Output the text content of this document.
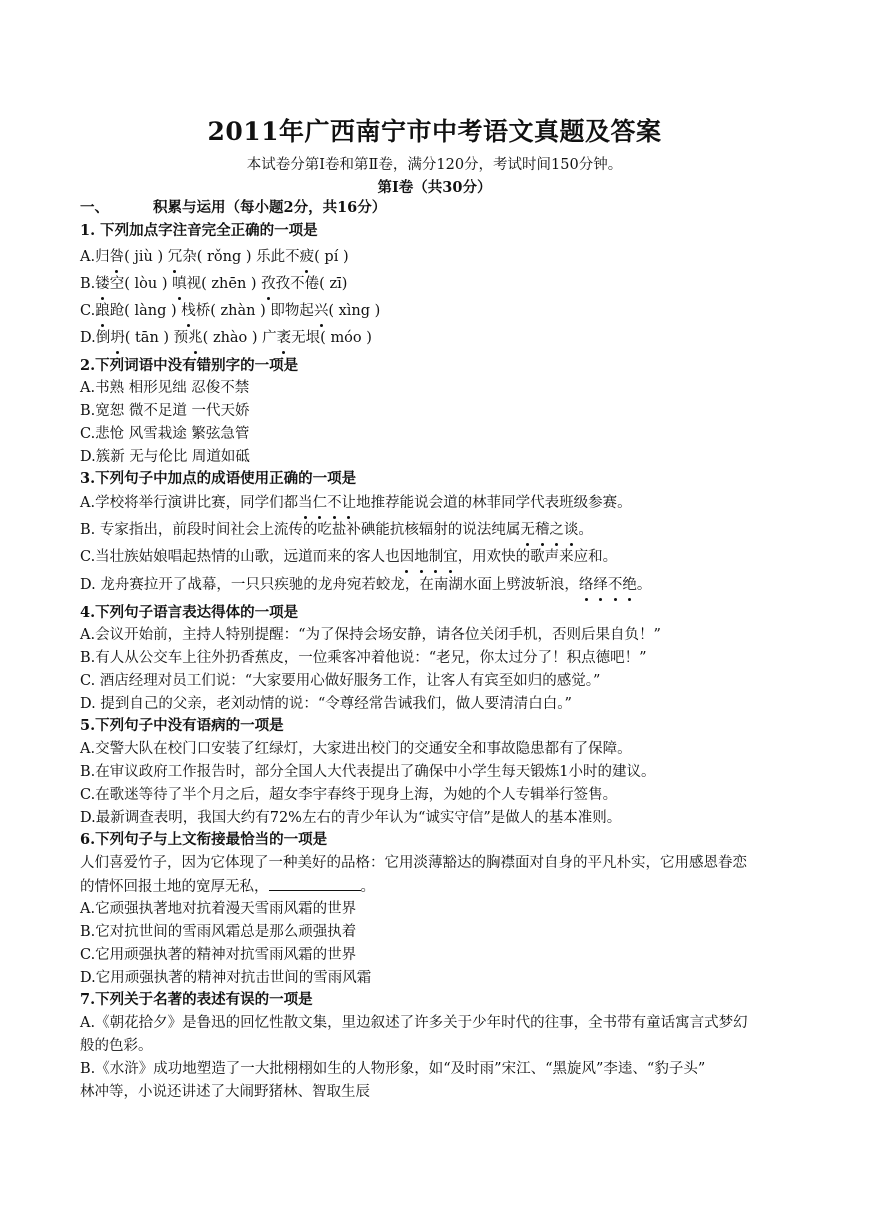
2011年广西南宁市中考语文真题及答案
本试卷分第Ⅰ卷和第Ⅱ卷，满分120分，考试时间150分钟。
第Ⅰ卷（共30分）
一、	积累与运用（每小题2分，共16分）
1. 下列加点字注音完全正确的一项是
A.归咎( jiù ) 冗杂( rǒng ) 乐此不疲( pí )
B.镂空( lòu ) 嗔视( zhēn ) 孜孜不倦( zī)
C.踉跄( làng ) 栈桥( zhàn ) 即物起兴( xìng )
D.倒坍( tān ) 预兆( zhào ) 广袤无垠( móo )
2.下列词语中没有错别字的一项是
A.书熟 相形见绌 忍俊不禁
B.宽恕 微不足道 一代天娇
C.悲怆 风雪栽途 繁弦急管
D.簇新 无与伦比 周道如砥
3.下列句子中加点的成语使用正确的一项是
A.学校将举行演讲比赛，同学们都当仁不让地推荐能说会道的林菲同学代表班级参赛。
B. 专家指出，前段时间社会上流传的吃盐补碘能抗核辐射的说法纯属无稽之谈。
C.当壮族姑娘唱起热情的山歌，远道而来的客人也因地制宜，用欢快的歌声来应和。
D. 龙舟赛拉开了战幕，一只只疾驰的龙舟宛若蛟龙，在南湖水面上劈波斩浪，络绎不绝。
4.下列句子语言表达得体的一项是
A.会议开始前，主持人特别提醒：“为了保持会场安静，请各位关闭手机，否则后果自负！”
B.有人从公交车上往外扔香蕉皮，一位乘客冲着他说：“老兄，你太过分了！积点德吧！”
C. 酒店经理对员工们说：“大家要用心做好服务工作，让客人有宾至如归的感觉。”
D. 提到自己的父亲，老刘动情的说：“令尊经常告诫我们，做人要清清白白。”
5.下列句子中没有语病的一项是
A.交警大队在校门口安装了红绿灯，大家进出校门的交通安全和事故隐患都有了保障。
B.在审议政府工作报告时，部分全国人大代表提出了确保中小学生每天锻炼1小时的建议。
C.在歌迷等待了半个月之后，超女李宇春终于现身上海，为她的个人专辑举行签售。
D.最新调查表明，我国大约有72%左右的青少年认为“诚实守信”是做人的基本准则。
6.下列句子与上文衔接最恰当的一项是
人们喜爱竹子，因为它体现了一种美好的品格：它用淡薄豁达的胸襟面对自身的平凡朴实，它用感恩眷恋
的情怀回报土地的宽厚无私，	。
A.它顽强执著地对抗着漫天雪雨风霜的世界
B.它对抗世间的雪雨风霜总是那么顽强执着
C.它用顽强执著的精神对抗雪雨风霜的世界
D.它用顽强执著的精神对抗击世间的雪雨风霜
7.下列关于名著的表述有误的一项是
A.《朝花拾夕》是鲁迅的回忆性散文集，里边叙述了许多关于少年时代的往事，全书带有童话寓言式梦幻
般的色彩。
B.《水浒》成功地塑造了一大批栩栩如生的人物形象，如“及时雨”宋江、“黑旋风”李逵、“豹子头”
林冲等，小说还讲述了大闹野猪林、智取生辰
